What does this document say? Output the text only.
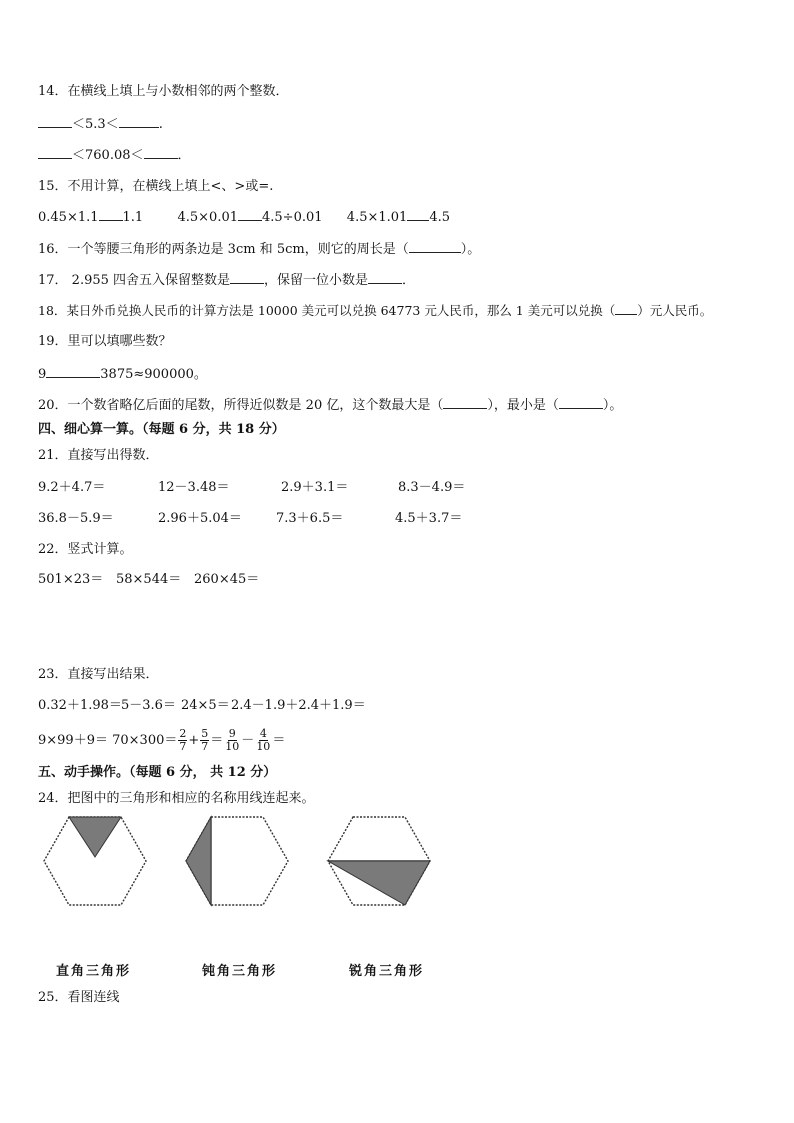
14．在横线上填上与小数相邻的两个整数．
＜5.3＜	.
＜760.08＜	．
15．不用计算，在横线上填上<、>或=.
0.45×1.1 1.1	4.5×0.01 4.5÷0.01 4.5×1.01 4.5
16．一个等腰三角形的两条边是 3cm 和 5cm，则它的周长是（	）。
17． 2.955 四舍五入保留整数是	，保留一位小数是	．
18．某日外币兑换人民币的计算方法是 10000 美元可以兑换 64773 元人民币，那么 1 美元可以兑换（ ）元人民币。
19．里可以填哪些数？
9	3875≈900000。
20．一个数省略亿后面的尾数，所得近似数是 20 亿，这个数最大是（	），最小是（	）。
四、细心算一算。（每题 6 分，共 18 分）
21．直接写出得数．
9.2＋4.7＝	12－3.48＝	2.9＋3.1＝	8.3－4.9＝
36.8－5.9＝	2.96＋5.04＝	7.3＋6.5＝	4.5＋3.7＝
22．竖式计算。
501×23＝ 58×544＝ 260×45＝
23．直接写出结果．
0.32＋1.98＝ 5－3.6＝ 24×5＝ 2.4－1.9＋2.4＋1.9＝
$9\times 99+9= 70\times 300= \frac{2}{7} + \frac{5}{7} = \frac{9}{10} - \frac{4}{10}$ ＝
五、动手操作。（每题 6 分， 共 12 分）
24．把图中的三角形和相应的名称用线连起来。
直角三角形	钝角三角形	锐角三角形
25．看图连线
